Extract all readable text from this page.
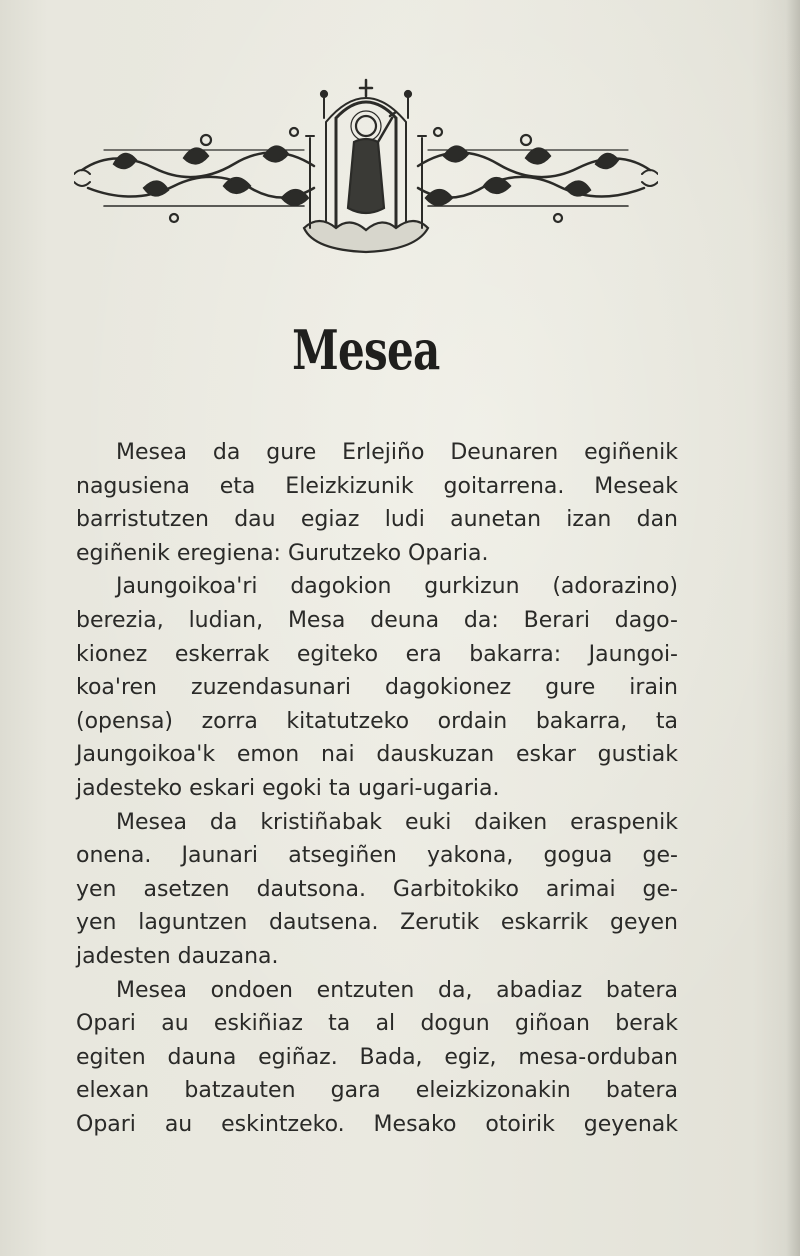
Mesea

Mesea da gure Erlejiño Deunaren egiñenik
nagusiena eta Eleizkizunik goitarrena. Meseak
barristutzen dau egiaz ludi aunetan izan dan
egiñenik eregiena: Gurutzeko Oparia.

Jaungoikoa'ri dagokion gurkizun (adorazino)
berezia, ludian, Mesa deuna da: Berari dago-
kionez eskerrak egiteko era bakarra: Jaungoi-
koa'ren zuzendasunari dagokionez gure irain
(opensa) zorra kitatutzeko ordain bakarra, ta
Jaungoikoa'k emon nai dauskuzan eskar gustiak
jadesteko eskari egoki ta ugari-ugaria.

Mesea da kristiñabak euki daiken eraspenik
onena. Jaunari atsegiñen yakona, gogua ge-
yen asetzen dautsona. Garbitokiko arimai ge-
yen laguntzen dautsena. Zerutik eskarrik geyen
jadesten dauzana.

Mesea ondoen entzuten da, abadiaz batera
Opari au eskiñiaz ta al dogun giñoan berak
egiten dauna egiñaz. Bada, egiz, mesa-orduban
elexan batzauten gara eleizkizonakin batera
Opari au eskintzeko. Mesako otoirik geyenak
